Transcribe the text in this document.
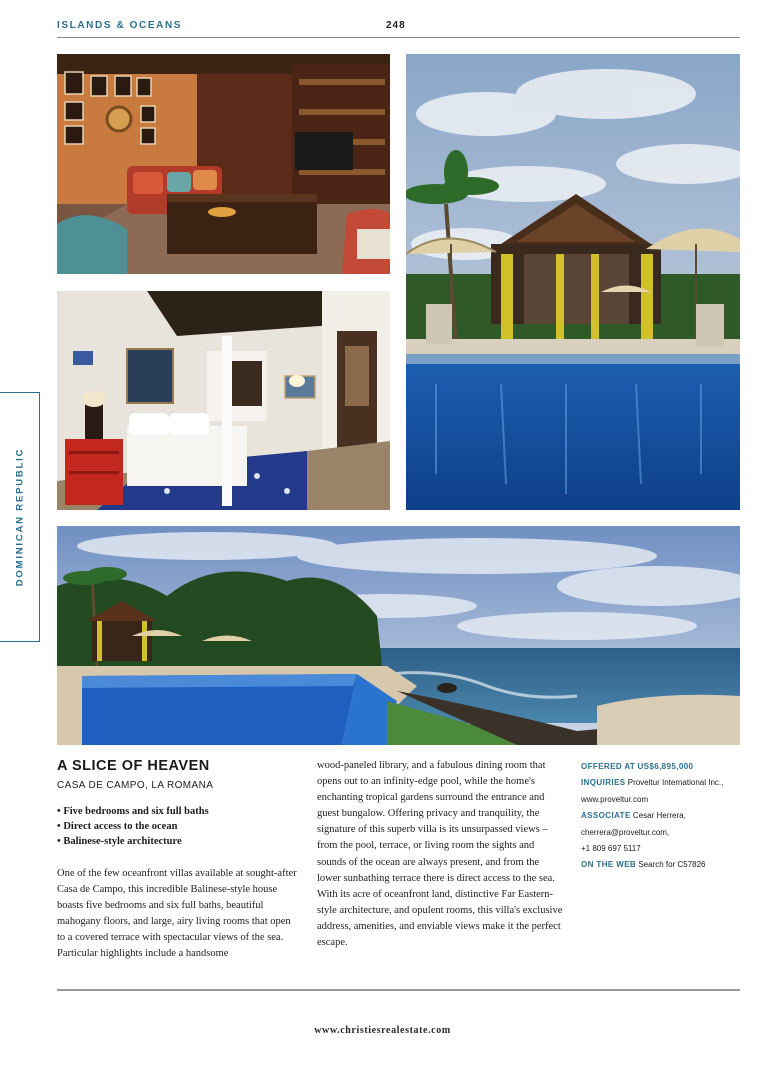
ISLANDS & OCEANS	248
DOMINICAN REPUBLIC
A SLICE OF HEAVEN
CASA DE CAMPO, LA ROMANA
• Five bedrooms and six full baths
• Direct access to the ocean
• Balinese-style architecture

One of the few oceanfront villas available at sought-after Casa de Campo, this incredible Balinese-style house boasts five bedrooms and six full baths, beautiful mahogany floors, and large, airy living rooms that open to a covered terrace with spectacular views of the sea. Particular highlights include a handsome

wood-paneled library, and a fabulous dining room that opens out to an infinity-edge pool, while the home's enchanting tropical gardens surround the entrance and guest bungalow. Offering privacy and tranquility, the signature of this superb villa is its unsurpassed views – from the pool, terrace, or living room the sights and sounds of the ocean are always present, and from the lower sunbathing terrace there is direct access to the sea. With its acre of oceanfront land, distinctive Far Eastern-style architecture, and opulent rooms, this villa's exclusive address, amenities, and enviable views make it the perfect escape.

OFFERED AT US$6,895,000
INQUIRIES Proveltur International Inc., www.proveltur.com
ASSOCIATE Cesar Herrera,
cherrera@proveltur.com,
+1 809 697 5117
ON THE WEB Search for C57826
www.christiesrealestate.com
